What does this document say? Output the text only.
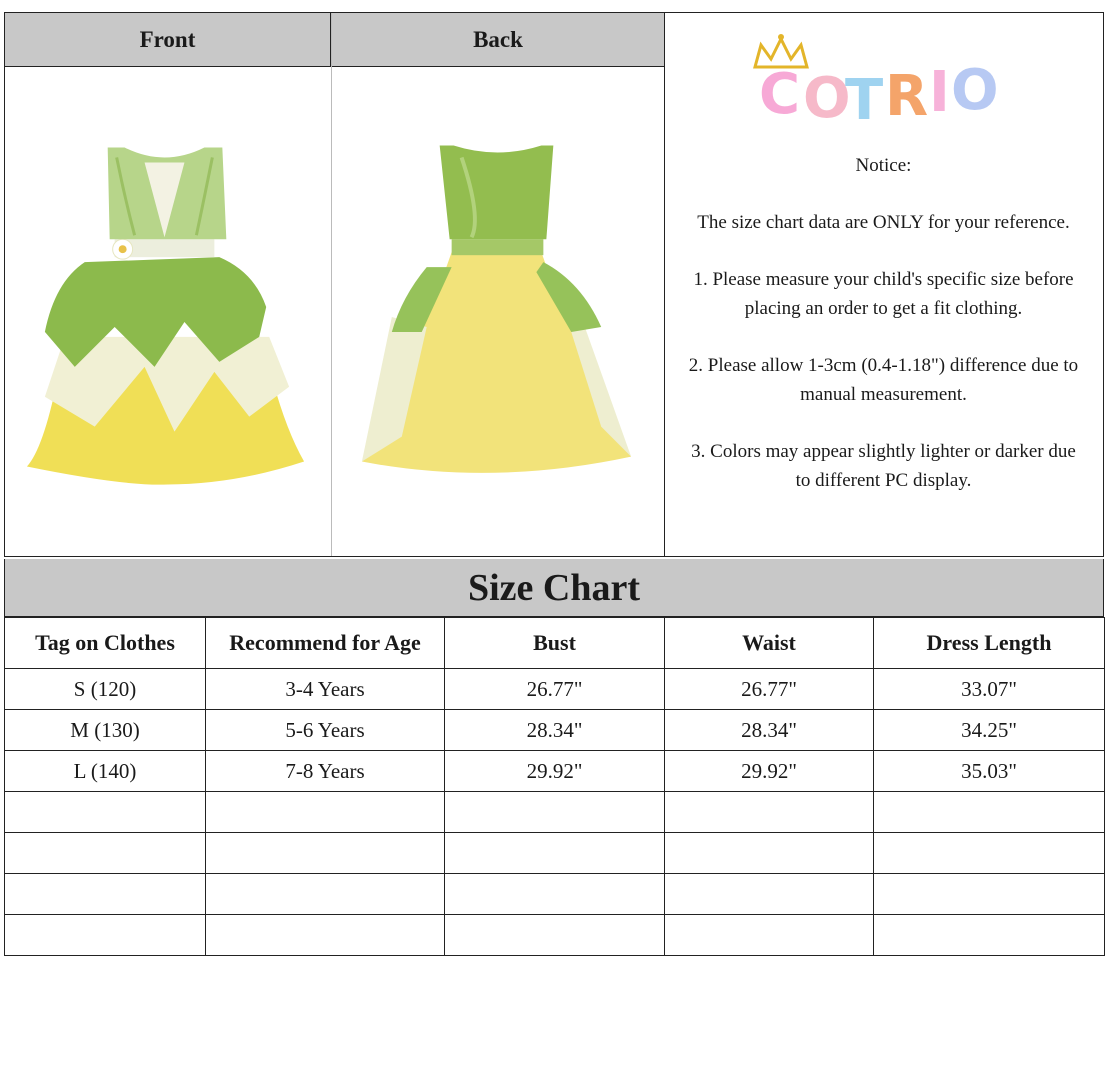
Front	Back
C O
T R I O

Notice:

The size chart data are ONLY for your reference.

1. Please measure your child's specific size before
placing an order to get a fit clothing.

2. Please allow 1-3cm (0.4-1.18") difference due to
manual measurement.

3. Colors may appear slightly lighter or darker due
to different PC display.

Size Chart
Tag on Clothes	Recommend for Age	Bust	Waist	Dress Length
S (120)	3-4 Years	26.77"	26.77"	33.07"
M (130)	5-6 Years	28.34"	28.34"	34.25"
L (140)	7-8 Years	29.92"	29.92"	35.03"
